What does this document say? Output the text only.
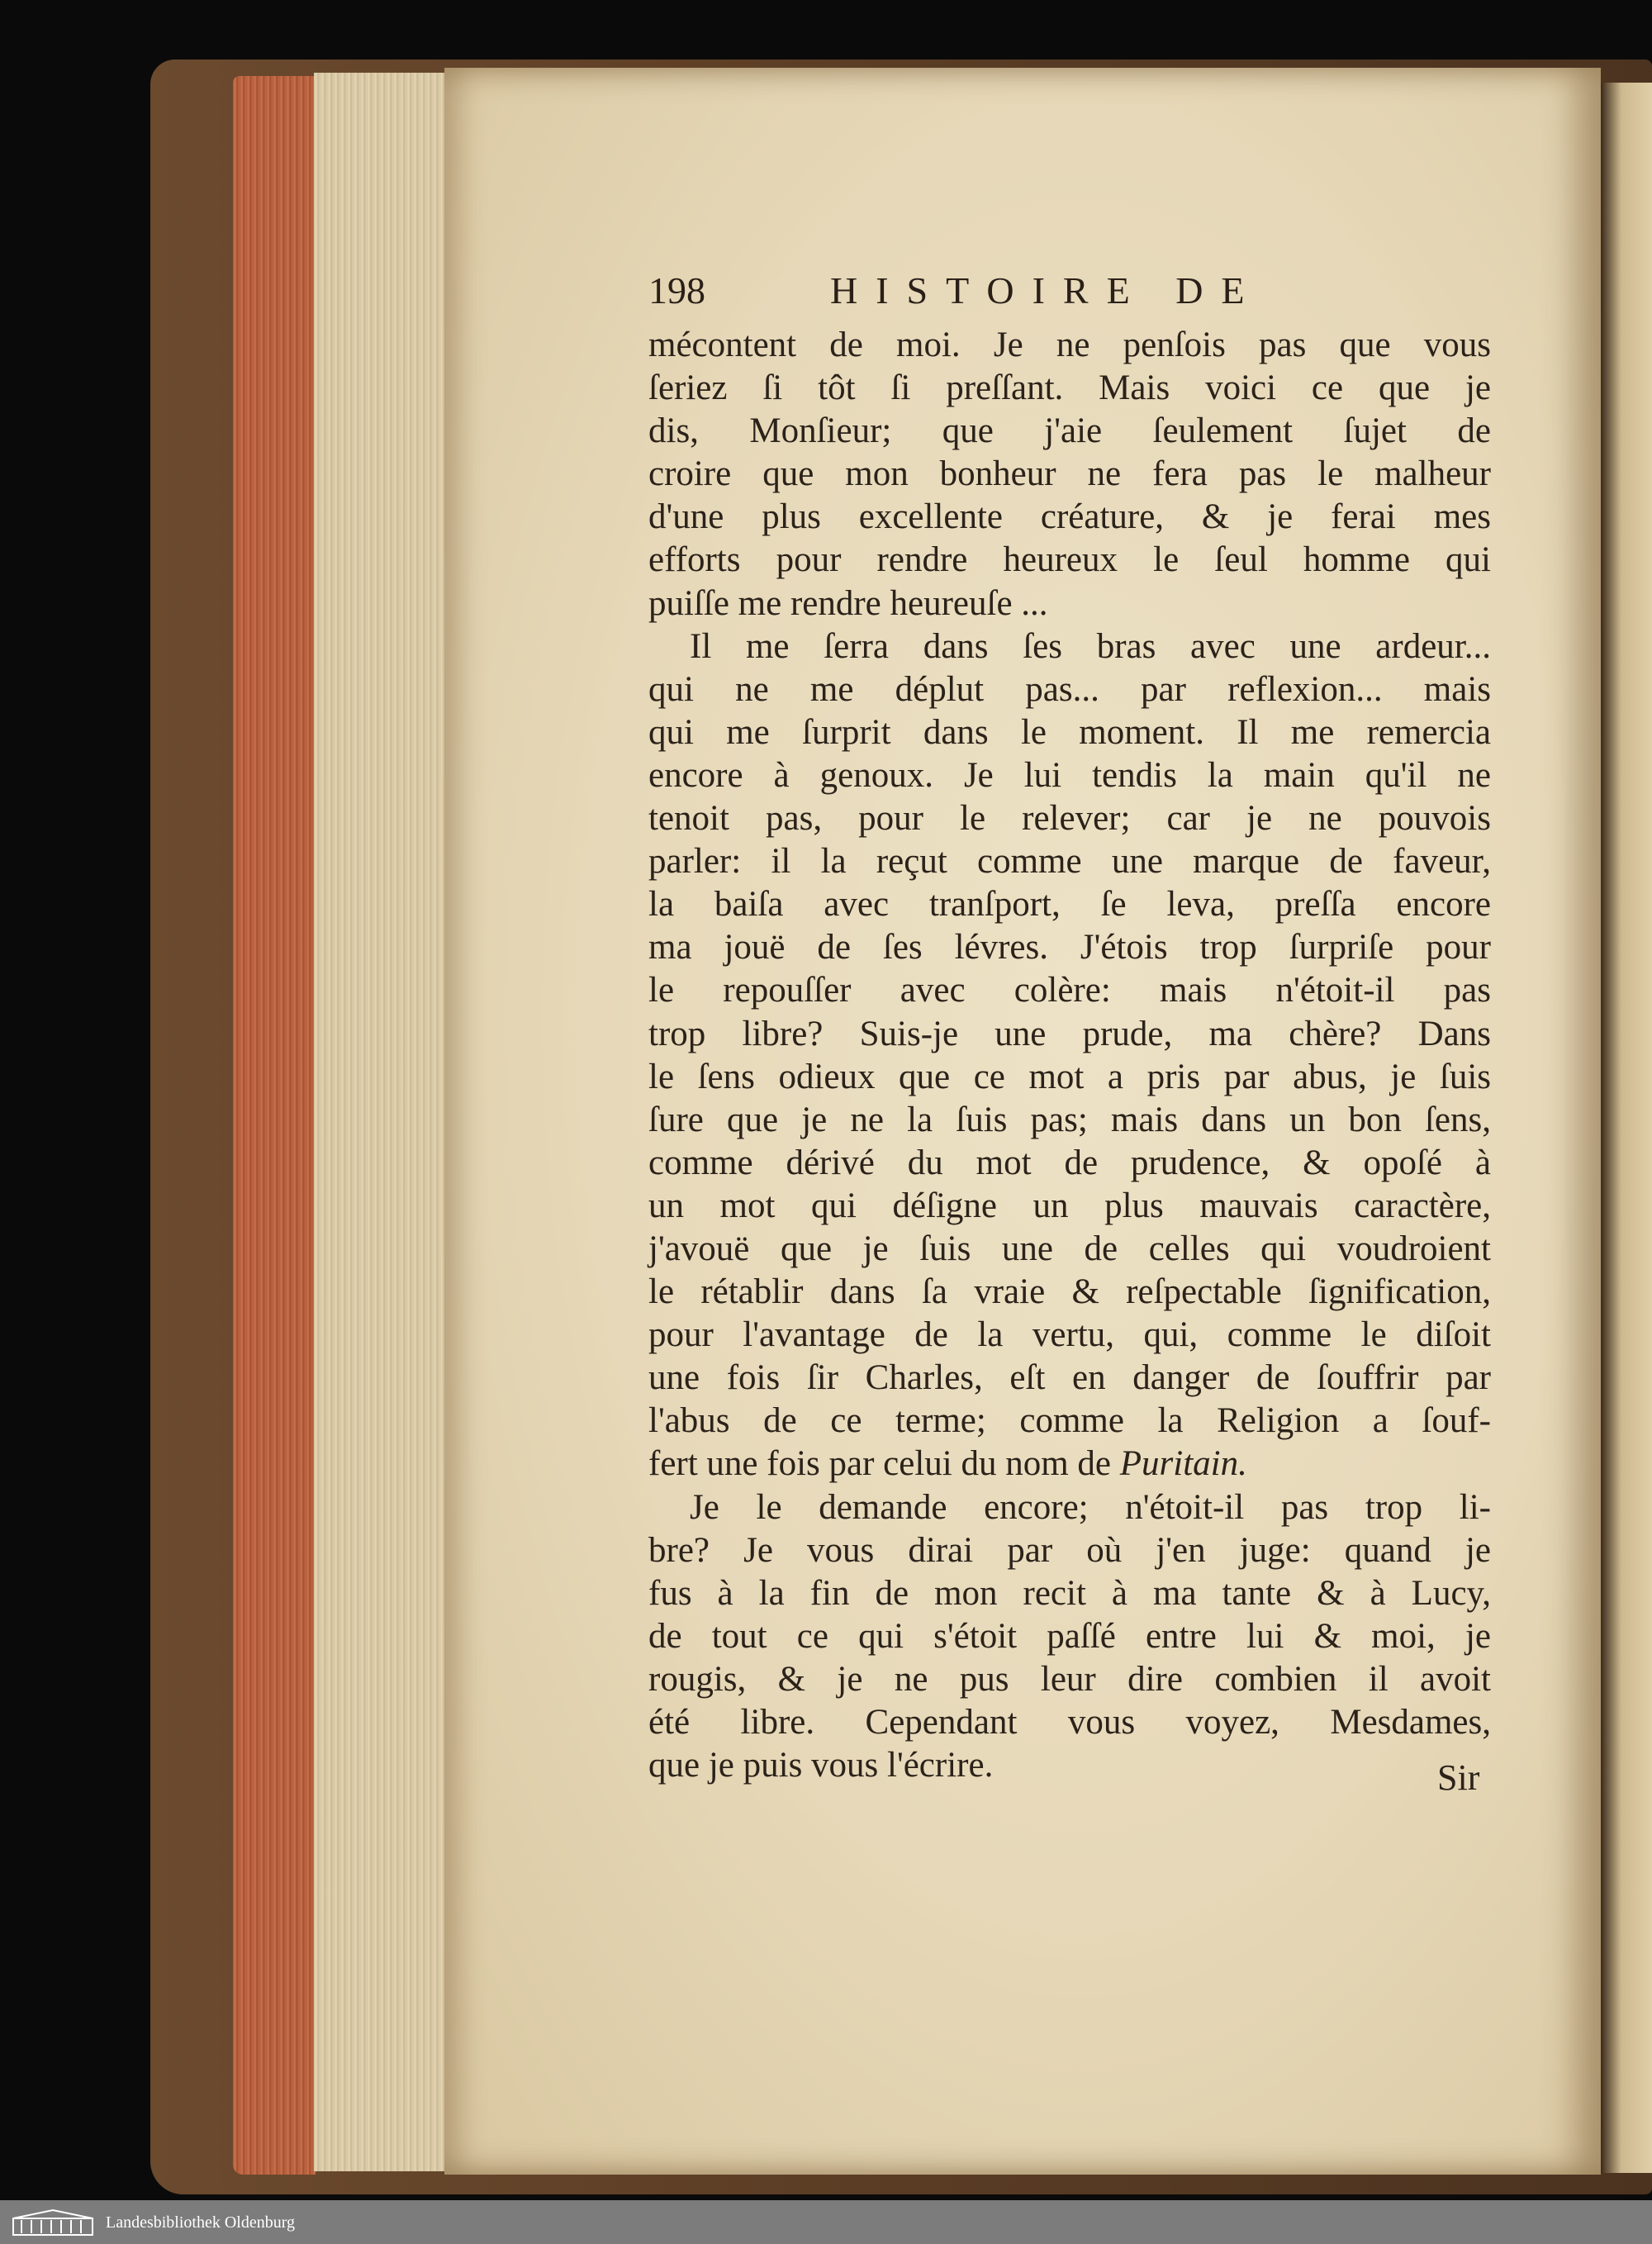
198	HISTOIRE DE
mécontent de moi. Je ne penſois pas que vous
ſeriez ſi tôt ſi preſſant. Mais voici ce que je
dis, Monſieur; que j'aie ſeulement ſujet de
croire que mon bonheur ne fera pas le malheur
d'une plus excellente créature, & je ferai mes
efforts pour rendre heureux le ſeul homme qui
puiſſe me rendre heureuſe ...
Il me ſerra dans ſes bras avec une ardeur...
qui ne me déplut pas... par reflexion... mais
qui me ſurprit dans le moment. Il me remercia
encore à genoux. Je lui tendis la main qu'il ne
tenoit pas, pour le relever; car je ne pouvois
parler: il la reçut comme une marque de faveur,
la baiſa avec tranſport, ſe leva, preſſa encore
ma jouë de ſes lévres. J'étois trop ſurpriſe pour
le repouſſer avec colère: mais n'étoit-il pas
trop libre? Suis-je une prude, ma chère? Dans
le ſens odieux que ce mot a pris par abus, je ſuis
ſure que je ne la ſuis pas; mais dans un bon ſens,
comme dérivé du mot de prudence, & opoſé à
un mot qui déſigne un plus mauvais caractère,
j'avouë que je ſuis une de celles qui voudroient
le rétablir dans ſa vraie & reſpectable ſignification,
pour l'avantage de la vertu, qui, comme le diſoit
une fois ſir Charles, eſt en danger de ſouffrir par
l'abus de ce terme; comme la Religion a ſouf-
fert une fois par celui du nom de Puritain.
Je le demande encore; n'étoit-il pas trop li-
bre? Je vous dirai par où j'en juge: quand je
fus à la fin de mon recit à ma tante & à Lucy,
de tout ce qui s'étoit paſſé entre lui & moi, je
rougis, & je ne pus leur dire combien il avoit
été libre. Cependant vous voyez, Mesdames,
que je puis vous l'écrire.	Sir
Landesbibliothek Oldenburg
